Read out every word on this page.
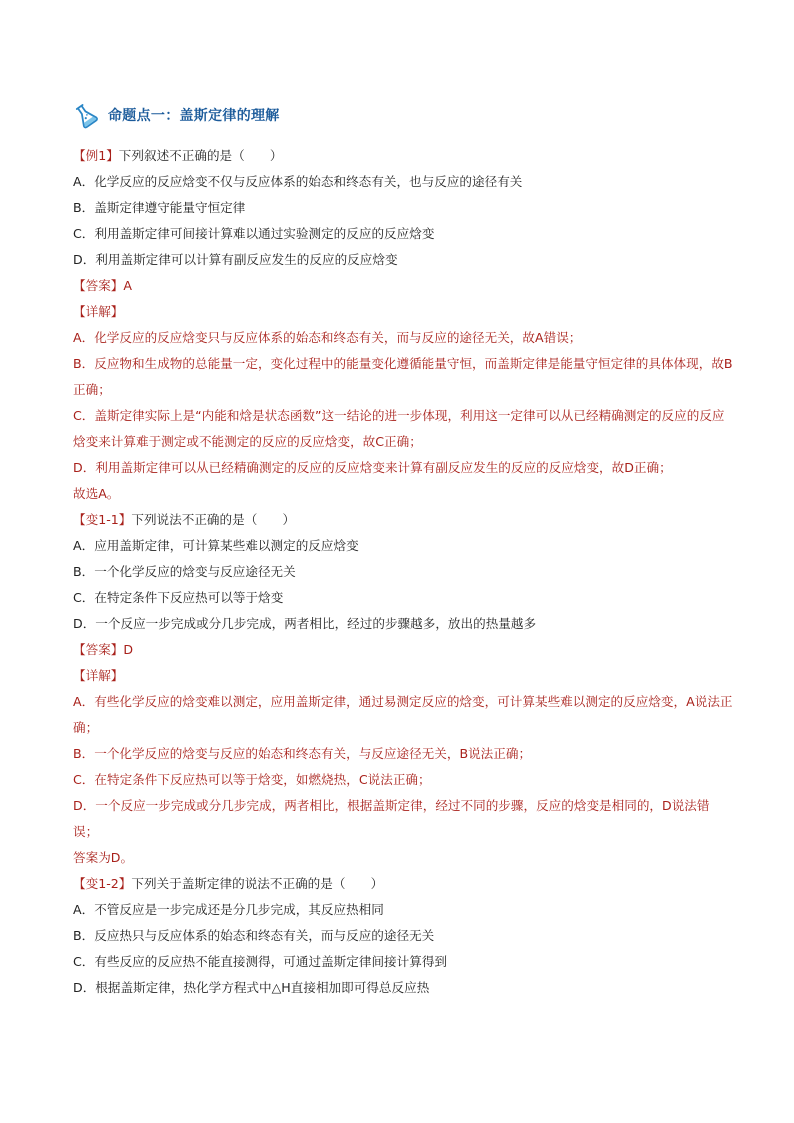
命题点一：盖斯定律的理解
【例1】下列叙述不正确的是（　　）
A．化学反应的反应焓变不仅与反应体系的始态和终态有关，也与反应的途径有关
B．盖斯定律遵守能量守恒定律
C．利用盖斯定律可间接计算难以通过实验测定的反应的反应焓变
D．利用盖斯定律可以计算有副反应发生的反应的反应焓变
【答案】A
【详解】
A．化学反应的反应焓变只与反应体系的始态和终态有关，而与反应的途径无关，故A错误；
B．反应物和生成物的总能量一定，变化过程中的能量变化遵循能量守恒，而盖斯定律是能量守恒定律的具体体现，故B正确；
C．盖斯定律实际上是“内能和焓是状态函数”这一结论的进一步体现，利用这一定律可以从已经精确测定的反应的反应焓变来计算难于测定或不能测定的反应的反应焓变，故C正确；
D．利用盖斯定律可以从已经精确测定的反应的反应焓变来计算有副反应发生的反应的反应焓变，故D正确；
故选A。
【变1-1】下列说法不正确的是（　　）
A．应用盖斯定律，可计算某些难以测定的反应焓变
B．一个化学反应的焓变与反应途径无关
C．在特定条件下反应热可以等于焓变
D．一个反应一步完成或分几步完成，两者相比，经过的步骤越多，放出的热量越多
【答案】D
【详解】
A．有些化学反应的焓变难以测定，应用盖斯定律，通过易测定反应的焓变，可计算某些难以测定的反应焓变，A说法正确；
B．一个化学反应的焓变与反应的始态和终态有关，与反应途径无关，B说法正确；
C．在特定条件下反应热可以等于焓变，如燃烧热，C说法正确；
D．一个反应一步完成或分几步完成，两者相比，根据盖斯定律，经过不同的步骤，反应的焓变是相同的，D说法错误；
答案为D。
【变1-2】下列关于盖斯定律的说法不正确的是（　　）
A．不管反应是一步完成还是分几步完成，其反应热相同
B．反应热只与反应体系的始态和终态有关，而与反应的途径无关
C．有些反应的反应热不能直接测得，可通过盖斯定律间接计算得到
D．根据盖斯定律，热化学方程式中△H直接相加即可得总反应热
